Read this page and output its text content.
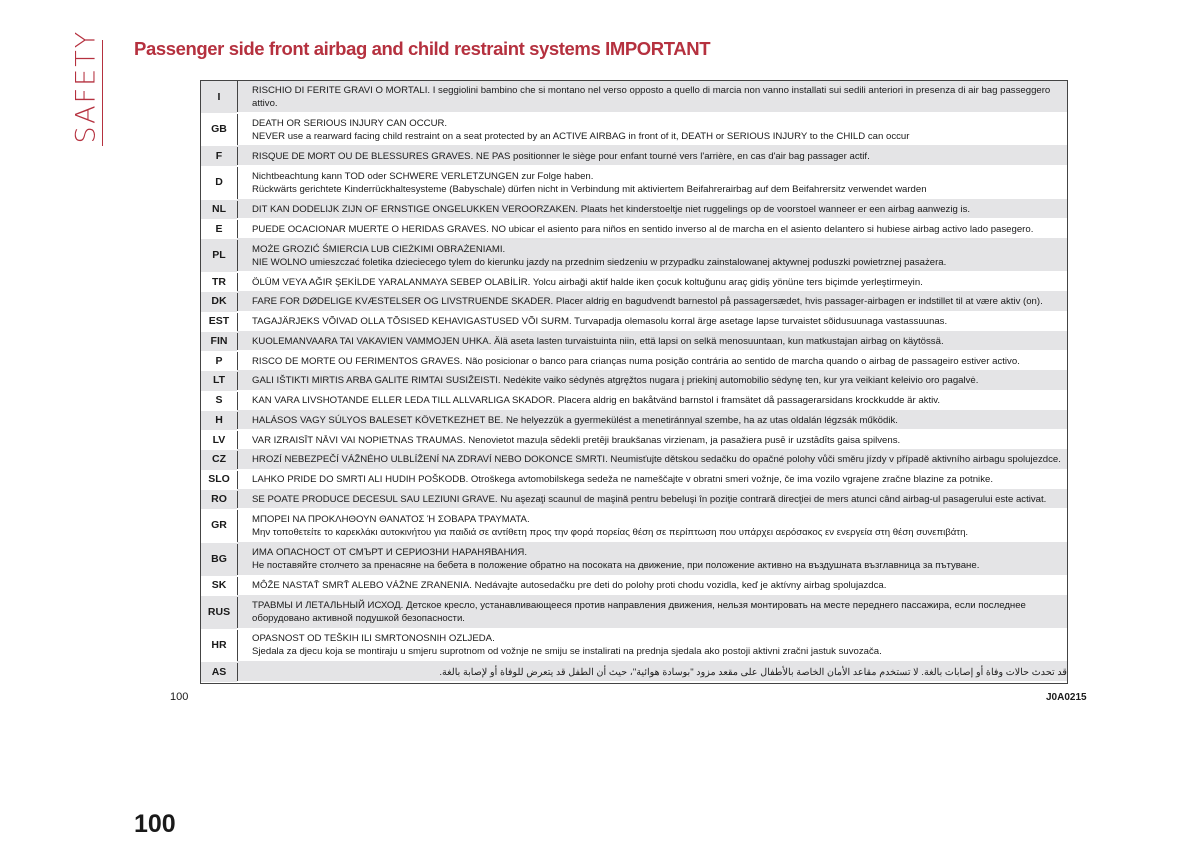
SAFETY Passenger side front airbag and child restraint systems IMPORTANT
I	RISCHIO DI FERITE GRAVI O MORTALI. I seggiolini bambino che si montano nel verso opposto a quello di marcia non vanno installati sui sedili anteriori in presenza di air bag passeggero attivo.

GB	DEATH OR SERIOUS INJURY CAN OCCUR.
NEVER use a rearward facing child restraint on a seat protected by an ACTIVE AIRBAG in front of it, DEATH or SERIOUS INJURY to the CHILD can occur

F	RISQUE DE MORT OU DE BLESSURES GRAVES. NE PAS positionner le siège pour enfant tourné vers l'arrière, en cas d'air bag passager actif.

D	Nichtbeachtung kann TOD oder SCHWERE VERLETZUNGEN zur Folge haben.
Rückwärts gerichtete Kinderrückhaltesysteme (Babyschale) dürfen nicht in Verbindung mit aktiviertem Beifahrerairbag auf dem Beifahrersitz verwendet warden

NL	DIT KAN DODELIJK ZIJN OF ERNSTIGE ONGELUKKEN VEROORZAKEN. Plaats het kinderstoeltje niet ruggelings op de voorstoel wanneer er een airbag aanwezig is.

E	PUEDE OCACIONAR MUERTE O HERIDAS GRAVES. NO ubicar el asiento para niños en sentido inverso al de marcha en el asiento delantero si hubiese airbag activo lado pasegero.

PL	MOŻE GROZIĆ ŚMIERCIA LUB CIEŻKIMI OBRAŻENIAMI.
NIE WOLNO umieszczać foletika dzieciecego tylem do kierunku jazdy na przednim siedzeniu w przypadku zainstalowanej aktywnej poduszki powietrznej pasażera.

TR	ÖLÜM VEYA AĞIR ŞEKİLDE YARALANMAYA SEBEP OLABİLİR. Yolcu airbaği aktif halde iken çocuk koltuğunu araç gidiş yönüne ters biçimde yerleştirmeyin.

DK	FARE FOR DØDELIGE KVÆSTELSER OG LIVSTRUENDE SKADER. Placer aldrig en bagudvendt barnestol på passagersædet, hvis passager-airbagen er indstillet til at være aktiv (on).

EST	TAGAJÄRJEKS VÕIVAD OLLA TÕSISED KEHAVIGASTUSED VÕI SURM. Turvapadja olemasolu korral ärge asetage lapse turvaistet sõidusuunaga vastassuunas.

FIN	KUOLEMANVAARA TAI VAKAVIEN VAMMOJEN UHKA. Älä aseta lasten turvaistuinta niin, että lapsi on selkä menosuuntaan, kun matkustajan airbag on käytössä.

P	RISCO DE MORTE OU FERIMENTOS GRAVES. Não posicionar o banco para crianças numa posição contrária ao sentido de marcha quando o airbag de passageiro estiver activo.

LT	GALI IŠTIKTI MIRTIS ARBA GALITE RIMTAI SUSIŽEISTI. Nedėkite vaiko sėdynės atgręžtos nugara į priekinį automobilio sėdynę ten, kur yra veikiant keleivio oro pagalvė.

S	KAN VARA LIVSHOTANDE ELLER LEDA TILL ALLVARLIGA SKADOR. Placera aldrig en bakåtvänd barnstol i framsätet då passagerarsidans krockkudde är aktiv.

H	HALÁSOS VAGY SÚLYOS BALESET KÖVETKEZHET BE. Ne helyezzük a gyermekülést a menetiránnyal szembe, ha az utas oldalán légzsák működik.

LV	VAR IZRAISĪT NĀVI VAI NOPIETNAS TRAUMAS. Nenovietot mazuļa sēdekli pretēji braukšanas virzienam, ja pasažiera pusē ir uzstādīts gaisa spilvens.

CZ	HROZÍ NEBEZPEČÍ VÁŽNÉHO ULBLÍŽENÍ NA ZDRAVÍ NEBO DOKONCE SMRTI. Neumisťujte dětskou sedačku do opačné polohy vůči směru jízdy v případě aktivního airbagu spolujezdce.

SLO	LAHKO PRIDE DO SMRTI ALI HUDIH POŠKODB. Otroškega avtomobilskega sedeža ne nameščajte v obratni smeri vožnje, če ima vozilo vgrajene zračne blazine za potnike.

RO	SE POATE PRODUCE DECESUL SAU LEZIUNI GRAVE. Nu aşezaţi scaunul de maşină pentru bebeluşi în poziţie contrară direcţiei de mers atunci când airbag-ul pasagerului este activat.

GR	ΜΠΟΡΕΙ ΝΑ ΠΡΟΚΛΗΘΟΥΝ ΘΑΝΑΤΟΣ Ή ΣΟΒΑΡΑ ΤΡΑΥΜΑΤΑ.
Μην τοποθετείτε το καρεκλάκι αυτοκινήτου για παιδιά σε αντίθετη προς την φορά πορείας θέση σε περίπτωση που υπάρχει αερόσακος εν ενεργεία στη θέση συνεπιβάτη.

BG	ИМА ОПАСНОСТ ОТ СМЪРТ И СЕРИОЗНИ НАРАНЯВАНИЯ.
Не поставяйте столчето за пренасяне на бебета в положение обратно на посоката на движение, при положение активно на въздушната възглавница за пътуване.

SK	MÔŽE NASTAŤ SMRŤ ALEBO VÁŽNE ZRANENIA. Nedávajte autosedačku pre deti do polohy proti chodu vozidla, keď je aktívny airbag spolujazdca.

RUS	ТРАВМЫ И ЛЕТАЛЬНЫЙ ИСХОД. Детское кресло, устанавливающееся против направления движения, нельзя монтировать на месте переднего пассажира, если последнее
оборудовано активной подушкой безопасности.

HR	OPASNOST OD TEŠKIH ILI SMRTONOSNIH OZLJEDA.
Sjedala za djecu koja se montiraju u smjeru suprotnom od vožnje ne smiju se instalirati na prednja sjedala ako postoji aktivni zračni jastuk suvozača.

AS	قد تحدث حالات وفاة أو إصابات بالغة. لا تستخدم مقاعد الأمان الخاصة بالأطفال على مقعد مزود "بوسادة هوائية"، حيث أن الطفل قد يتعرض للوفاة أو لإصابة بالغة.
100	J0A0215
100
